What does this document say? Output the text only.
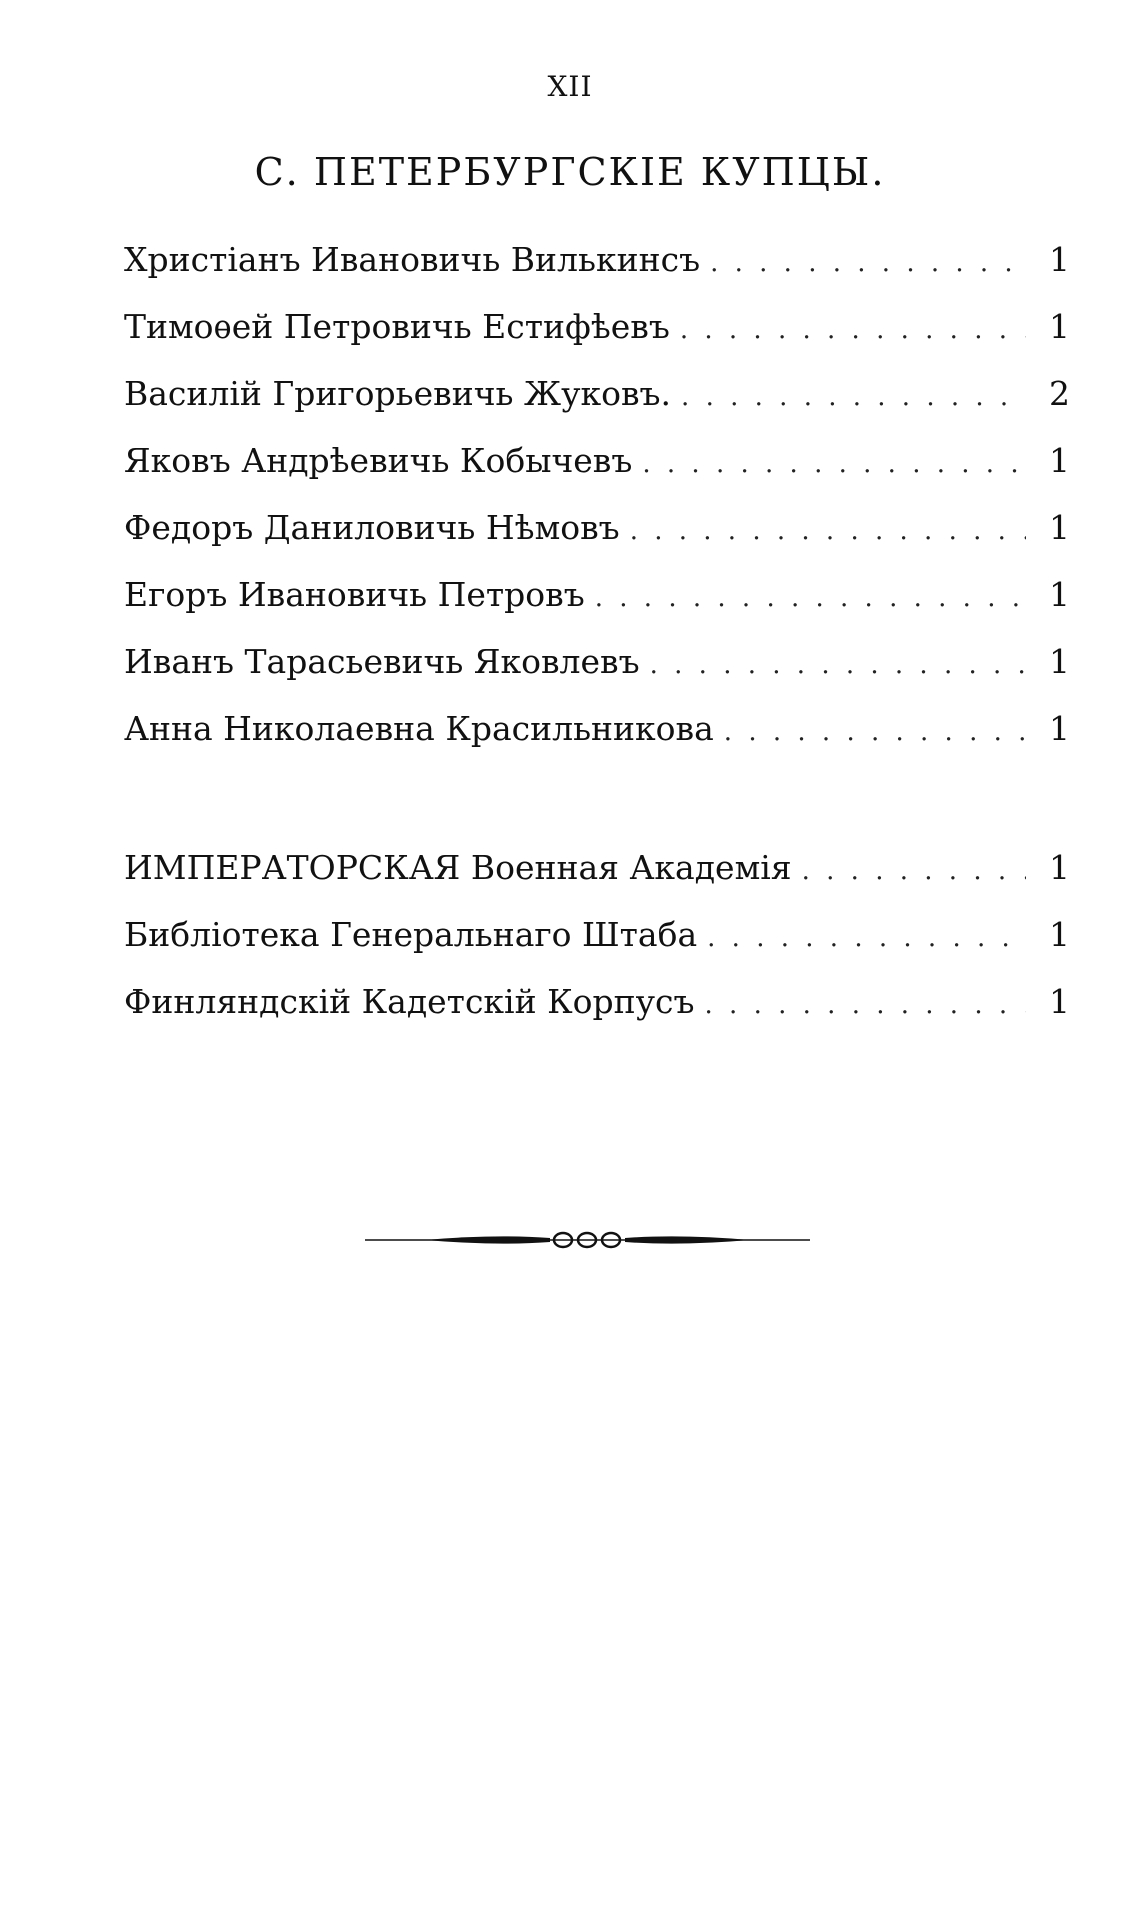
XII
С. ПЕТЕРБУРГСКІЕ КУПЦЫ.
Христіанъ Ивановичь Вилькинсъ . . .	1
Тимоѳей Петровичь Естифѣевъ . . .	1
Василій Григорьевичь Жуковъ. . . .	2
Яковъ Андрѣевичь Кобычевъ . . .	1
Федоръ Даниловичь Нѣмовъ . . .	1
Егоръ Ивановичь Петровъ . . .	1
Иванъ Тарасьевичь Яковлевъ . . .	1
Анна Николаевна Красильникова . . .	1
ИМПЕРАТОРСКАЯ Военная Академія . . .	1
Библіотека Генеральнаго Штаба . . .	1
Финляндскій Кадетскій Корпусъ . . .	1
